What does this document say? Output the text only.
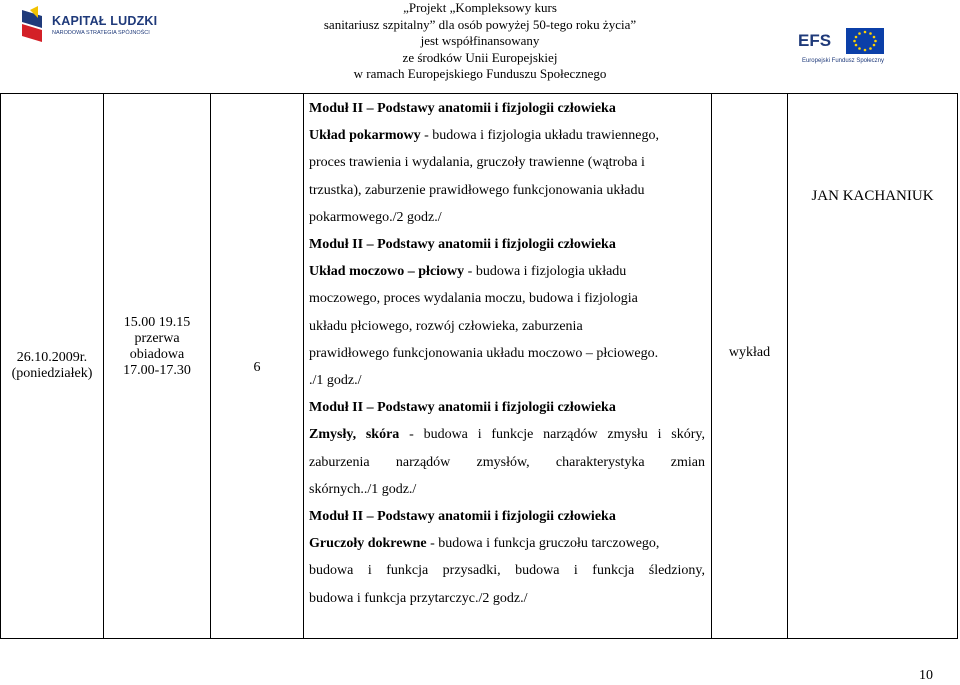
KAPITAŁ LUDZKI
NARODOWA STRATEGIA SPÓJNOŚCI
„Projekt „Kompleksowy kurs
sanitariusz szpitalny” dla osób powyżej 50-tego roku życia”
jest współfinansowany
ze środków Unii Europejskiej
w ramach Europejskiego Funduszu Społecznego
EFS
Europejski Fundusz Społeczny
26.10.2009r.
(poniedziałek)
15.00 19.15
przerwa
obiadowa
17.00-17.30	6

Moduł II – Podstawy anatomii i fizjologii człowieka

Układ pokarmowy - budowa i fizjologia układu trawiennego,

proces trawienia i wydalania, gruczoły trawienne (wątroba i

trzustka), zaburzenie prawidłowego funkcjonowania układu

pokarmowego./2 godz./

Moduł II – Podstawy anatomii i fizjologii człowieka

Układ moczowo – płciowy - budowa i fizjologia układu

moczowego, proces wydalania moczu, budowa i fizjologia

układu płciowego, rozwój człowieka, zaburzenia

prawidłowego funkcjonowania układu moczowo – płciowego.

./1 godz./

Moduł II – Podstawy anatomii i fizjologii człowieka

Zmysły, skóra - budowa i funkcje narządów zmysłu i skóry,

zaburzenia narządów zmysłów, charakterystyka zmian

skórnych../1 godz./

Moduł II – Podstawy anatomii i fizjologii człowieka

Gruczoły dokrewne - budowa i funkcja gruczołu tarczowego,

budowa i funkcja przysadki, budowa i funkcja śledziony,

budowa i funkcja przytarczyc./2 godz./

wykład
JAN KACHANIUK
10
